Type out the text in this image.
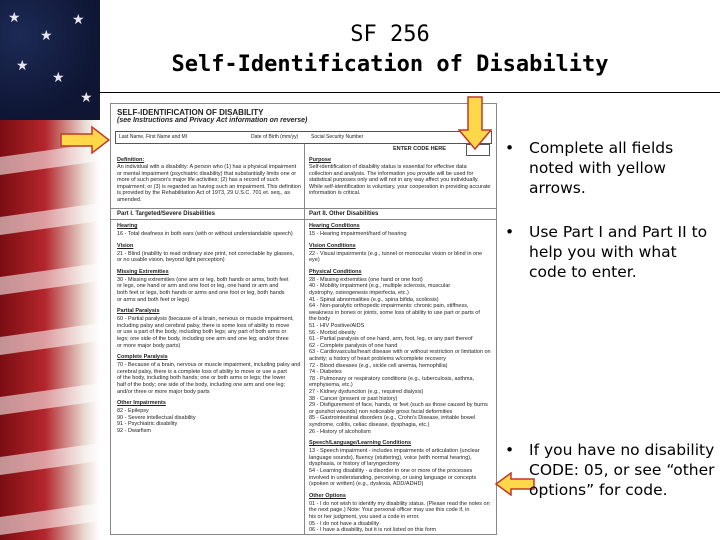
★
★
★
★
★
★
SF 256
Self-Identification of Disability
SELF-IDENTIFICATION OF DISABILITY
(see Instructions and Privacy Act information on reverse)
Last Name, First Name and MI	Date of Birth (mm/yy)	Social Security Number
ENTER CODE HERE
Definition:
An individual with a disability: A person who (1) has a physical impairment or mental impairment (psychiatric disability) that substantially limits one or more of such person's major life activities; (2) has a record of such impairment; or (3) is regarded as having such an impairment. This definition is provided by the Rehabilitation Act of 1973, 29 U.S.C. 701 et. seq., as amended.
Purpose
Self-identification of disability status is essential for effective data collection and analysis. The information you provide will be used for statistical purposes only and will not in any way affect you individually. While self-identification is voluntary, your cooperation in providing accurate information is critical.
Part I. Targeted/Severe Disabilities	Part II. Other Disabilities
Hearing
16 - Total deafness in both ears (with or without understandable speech)
Vision
21 - Blind (inability to read ordinary size print, not correctable by glasses,
or no usable vision, beyond light perception)
Missing Extremities
30 - Missing extremities (one arm or leg, both hands or arms, both feet
or legs, one hand or arm and one foot or leg, one hand or arm and
both feet or legs, both hands or arms and one foot or leg, both hands
or arms and both feet or legs)
Partial Paralysis
60 - Partial paralysis (because of a brain, nervous or muscle impairment,
including palsy and cerebral palsy, there is some loss of ability to move
or use a part of the body, including both legs; any part of both arms or
legs; one side of the body, including one arm and one leg; and/or three
or more major body parts)
Complete Paralysis
70 - Because of a brain, nervous or muscle impairment, including palsy and
cerebral palsy, there is a complete loss of ability to move or use a part
of the body, including both hands; one or both arms or legs; the lower
half of the body; one side of the body, including one arm and one leg;
and/or three or more major body parts
Other Impairments
82 - Epilepsy
90 - Severe intellectual disability
91 - Psychiatric disability
92 - Dwarfism
Hearing Conditions
15 - Hearing impairment/hard of hearing
Vision Conditions
22 - Visual impairments (e.g., tunnel or monocular vision or blind in one
eye)
Physical Conditions
28 - Missing extremities (one hand or one foot)
40 - Mobility impairment (e.g., multiple sclerosis, muscular
dystrophy, osteogenesis imperfecta, etc.)
41 - Spinal abnormalities (e.g., spina bifida, scoliosis)
64 - Non-paralytic orthopedic impairments: chronic pain, stiffness,
weakness in bones or joints, some loss of ability to use part or parts of
the body
51 - HIV Positive/AIDS
56 - Morbid obesity
61 - Partial paralysis of one hand, arm, foot, leg, or any part thereof
62 - Complete paralysis of one hand
63 - Cardiovascular/heart disease with or without restriction or limitation on
activity; a history of heart problems w/complete recovery
72 - Blood diseases (e.g., sickle cell anemia, hemophilia)
74 - Diabetes
78 - Pulmonary or respiratory conditions (e.g., tuberculosis, asthma,
emphysema, etc.)
27 - Kidney dysfunction (e.g., required dialysis)
38 - Cancer (present or past history)
29 - Disfigurement of face, hands, or feet (such as those caused by burns
or gunshot wounds) non noticeable gross facial deformities
85 - Gastrointestinal disorders (e.g., Crohn's Disease, irritable bowel
syndrome, colitis, celiac disease, dysphagia, etc.)
26 - History of alcoholism
Speech/Language/Learning Conditions
13 - Speech impairment - includes impairments of articulation (unclear
language sounds), fluency (stuttering), voice (with normal hearing),
dysphasia, or history of laryngectomy
54 - Learning disability - a disorder in one or more of the processes
involved in understanding, perceiving, or using language or concepts
(spoken or written) (e.g., dyslexia, ADD/ADHD)
Other Options
01 - I do not wish to identify my disability status. (Please read the notes on
the next page.) Note: Your personal officer may use this code if, in
his or her judgment, you used a code in error.
05 - I do not have a disability
06 - I have a disability, but it is not listed on this form
• Complete all fields noted with yellow arrows.
• Use Part I and Part II to help you with what code to enter.
• If you have no disability CODE: 05, or see “other options” for code.
